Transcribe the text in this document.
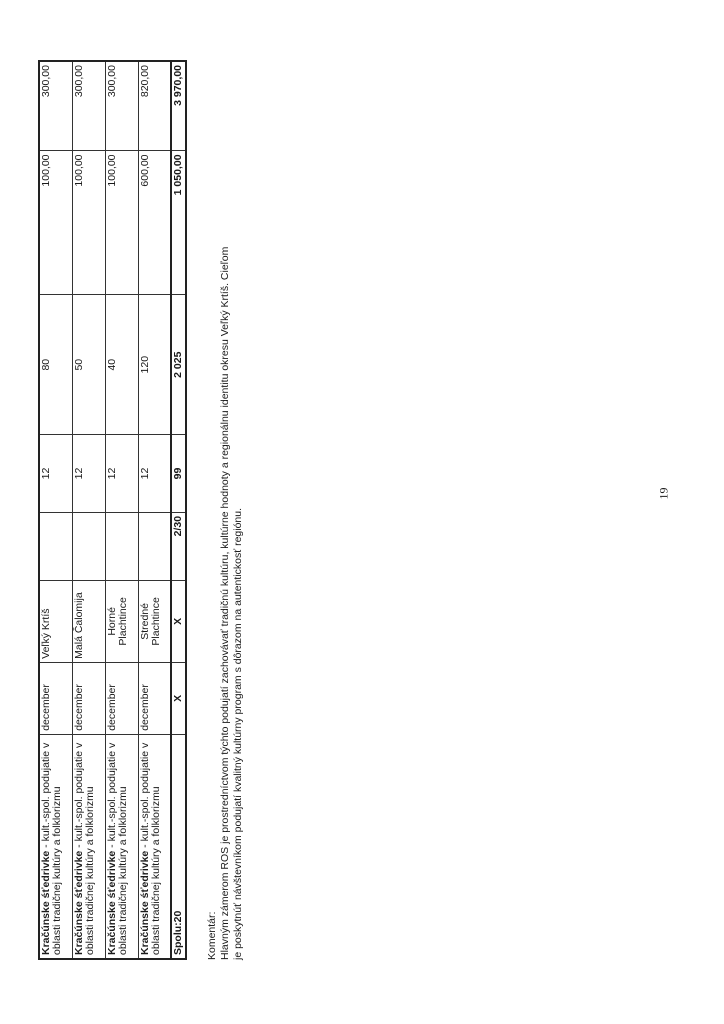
Kračúnske śťedrivke - kult.-spol. podujatie v oblasti tradičnej kultúry a folklorizmu	december	Veľký Krtíš		12	80	100,00	300,00
Kračúnske śťedrivke - kult.-spol. podujatie v oblasti tradičnej kultúry a folklorizmu	december	Malá Čalomija		12	50	100,00	300,00
Kračúnske śťedrivke - kult.-spol. podujatie v oblasti tradičnej kultúry a folklorizmu	december	Horné Plachtince		12	40	100,00	300,00
Kračúnske śťedrivke - kult.-spol. podujatie v oblasti tradičnej kultúry a folklorizmu	december	Stredné Plachtince		12	120	600,00	820,00
Spolu:20	X	X	2/30	99	2 025	1 050,00	3 970,00
Komentár: Hlavným zámerom ROS je prostredníctvom týchto podujatí zachovávať tradičnú kultúru, kultúrne hodnoty a regionálnu identitu okresu Veľký Krtíš. Cieľom je poskytnúť návštevníkom podujatí kvalitný kultúrny program s dôrazom na autentickosť regiónu.
19
